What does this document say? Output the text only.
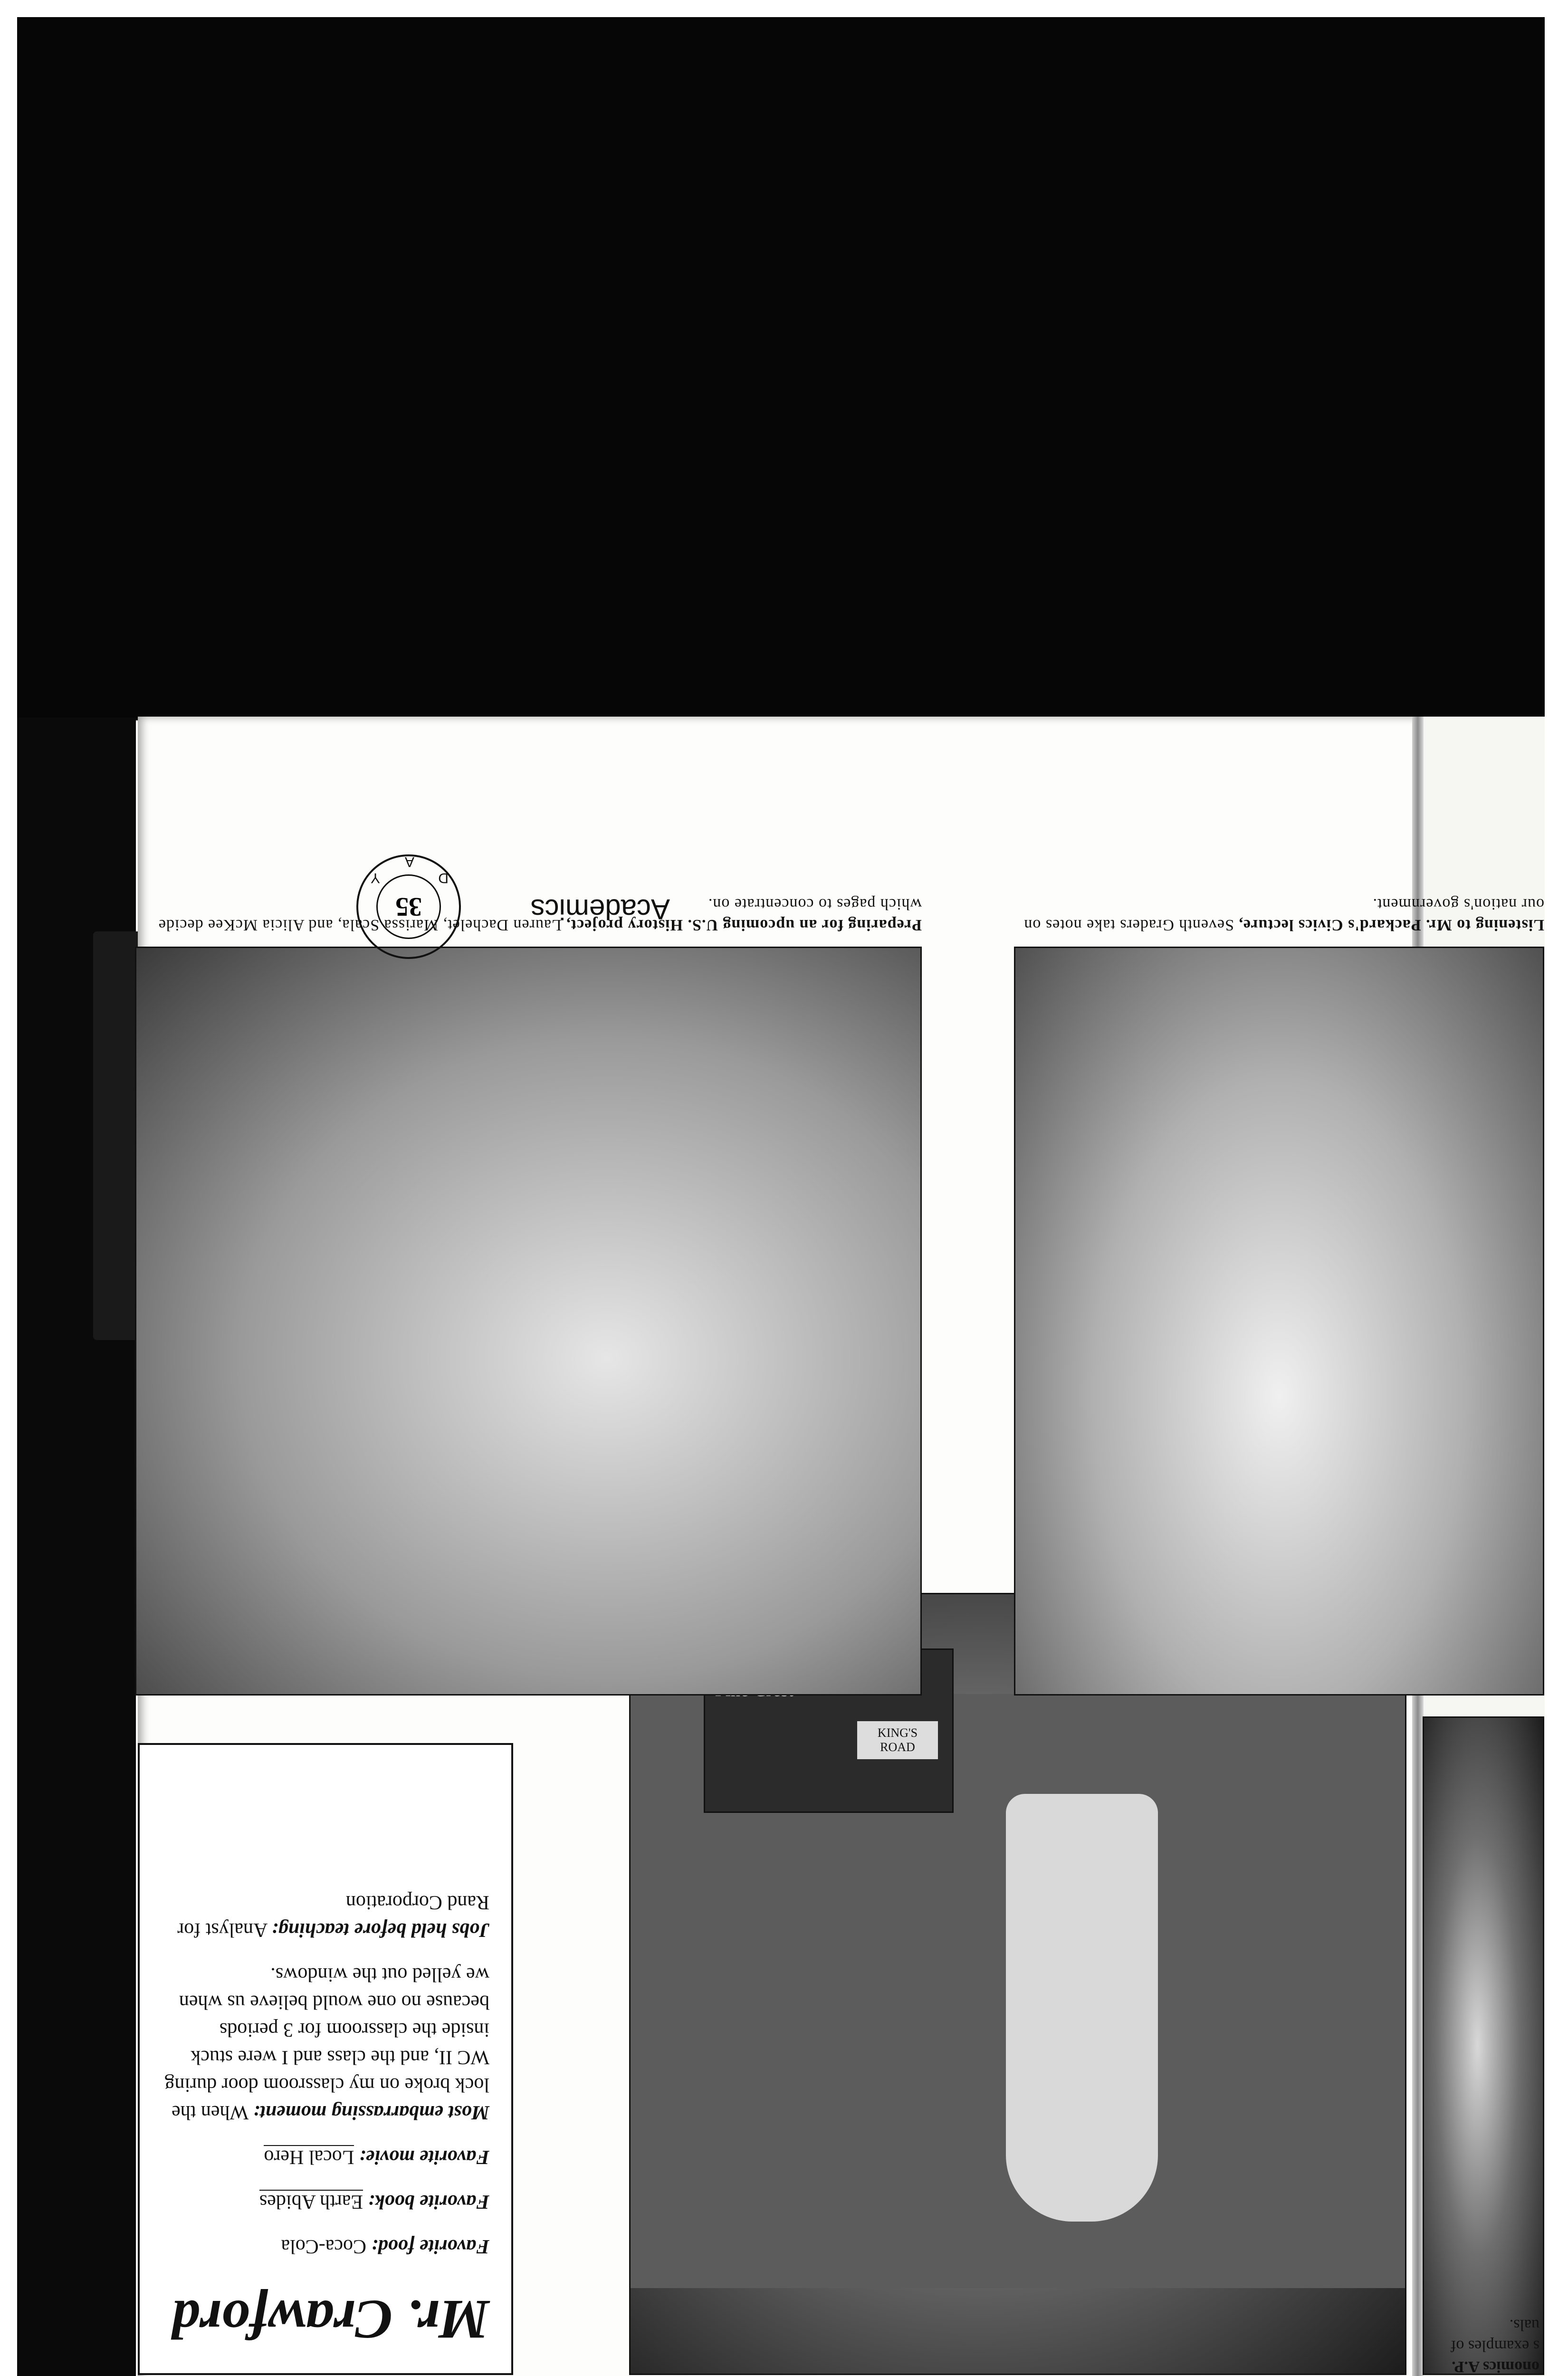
Mr. Crawford
Favorite food: Coca-Cola
Favorite book: Earth Abides
Favorite movie: Local Hero
Most embarrassing moment: When the lock broke on my classroom door during WC II, and the class and I were stuck inside the classroom for 3 periods because no one would believe us when we yelled out the windows.
Jobs held before teaching: Analyst for Rand Corporation
KING'S ROAD
Preparing for an upcoming U.S. History project, Lauren Dachelet, Marissa Scala, and Alicia McKee decide which pages to concentrate on.
Listening to Mr. Packard's Civics lecture, Seventh Graders take notes on our nation's government.
Academics
D
A
Y
35
onomics A.P.
s examples of
uals.
